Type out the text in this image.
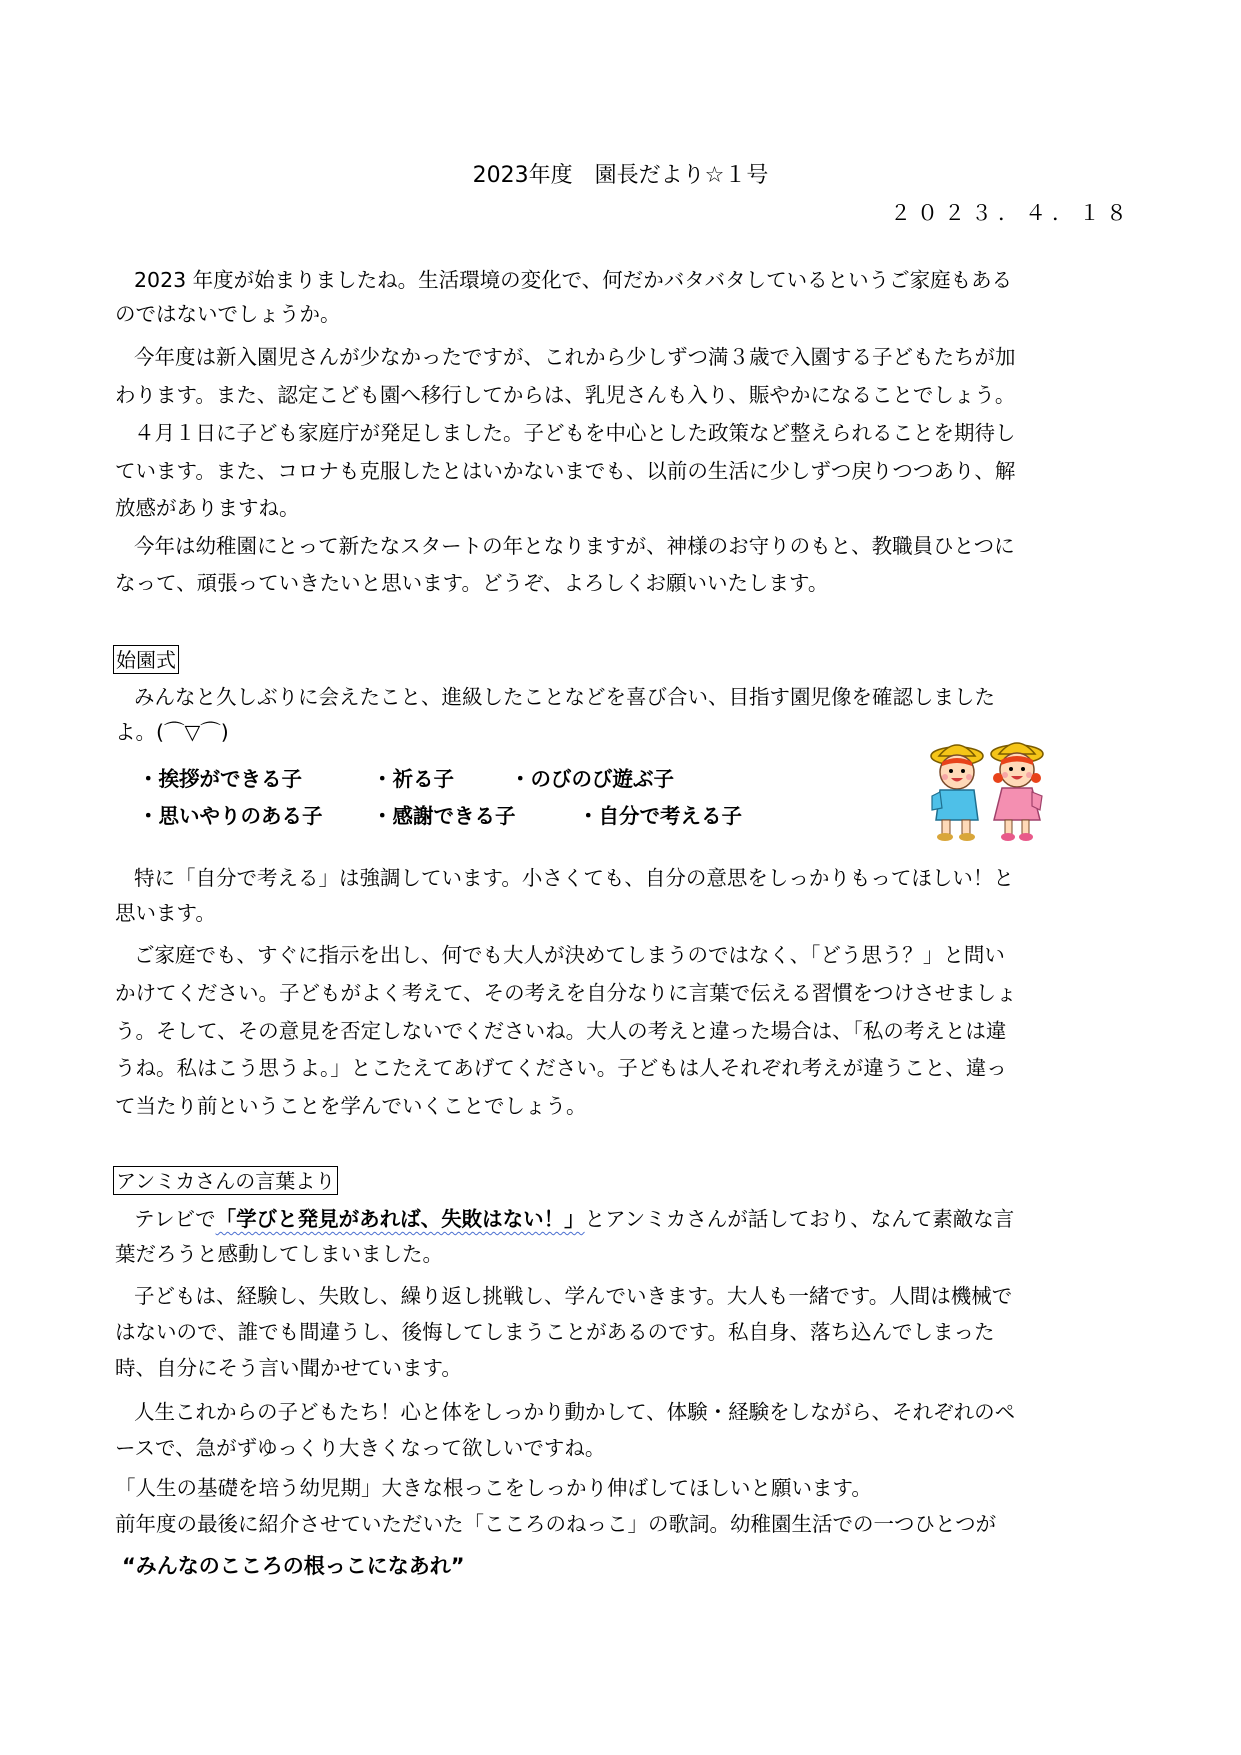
2023年度　園長だより☆１号
２０２３．４．１８
2023 年度が始まりましたね。生活環境の変化で、何だかバタバタしているというご家庭もある
のではないでしょうか。
今年度は新入園児さんが少なかったですが、これから少しずつ満３歳で入園する子どもたちが加
わります。また、認定こども園へ移行してからは、乳児さんも入り、賑やかになることでしょう。
４月１日に子ども家庭庁が発足しました。子どもを中心とした政策など整えられることを期待し
ています。また、コロナも克服したとはいかないまでも、以前の生活に少しずつ戻りつつあり、解
放感がありますね。
今年は幼稚園にとって新たなスタートの年となりますが、神様のお守りのもと、教職員ひとつに
なって、頑張っていきたいと思います。どうぞ、よろしくお願いいたします。
始園式
みんなと久しぶりに会えたこと、進級したことなどを喜び合い、目指す園児像を確認しました
よ。(⌒▽⌒)
・挨拶ができる子	・祈る子	・のびのび遊ぶ子
・思いやりのある子 ・感謝できる子	・自分で考える子
特に「自分で考える」は強調しています。小さくても、自分の意思をしっかりもってほしい！と
思います。
ご家庭でも、すぐに指示を出し、何でも大人が決めてしまうのではなく、「どう思う？」と問い
かけてください。子どもがよく考えて、その考えを自分なりに言葉で伝える習慣をつけさせましょ
う。そして、その意見を否定しないでくださいね。大人の考えと違った場合は、「私の考えとは違
うね。私はこう思うよ。」とこたえてあげてください。子どもは人それぞれ考えが違うこと、違っ
て当たり前ということを学んでいくことでしょう。
アンミカさんの言葉より
テレビで「学びと発見があれば、失敗はない！」とアンミカさんが話しており、なんて素敵な言
葉だろうと感動してしまいました。
子どもは、経験し、失敗し、繰り返し挑戦し、学んでいきます。大人も一緒です。人間は機械で
はないので、誰でも間違うし、後悔してしまうことがあるのです。私自身、落ち込んでしまった
時、自分にそう言い聞かせています。
人生これからの子どもたち！心と体をしっかり動かして、体験・経験をしながら、それぞれのペ
ースで、急がずゆっくり大きくなって欲しいですね。
「人生の基礎を培う幼児期」大きな根っこをしっかり伸ばしてほしいと願います。
前年度の最後に紹介させていただいた「こころのねっこ」の歌詞。幼稚園生活での一つひとつが
“みんなのこころの根っこになあれ”
